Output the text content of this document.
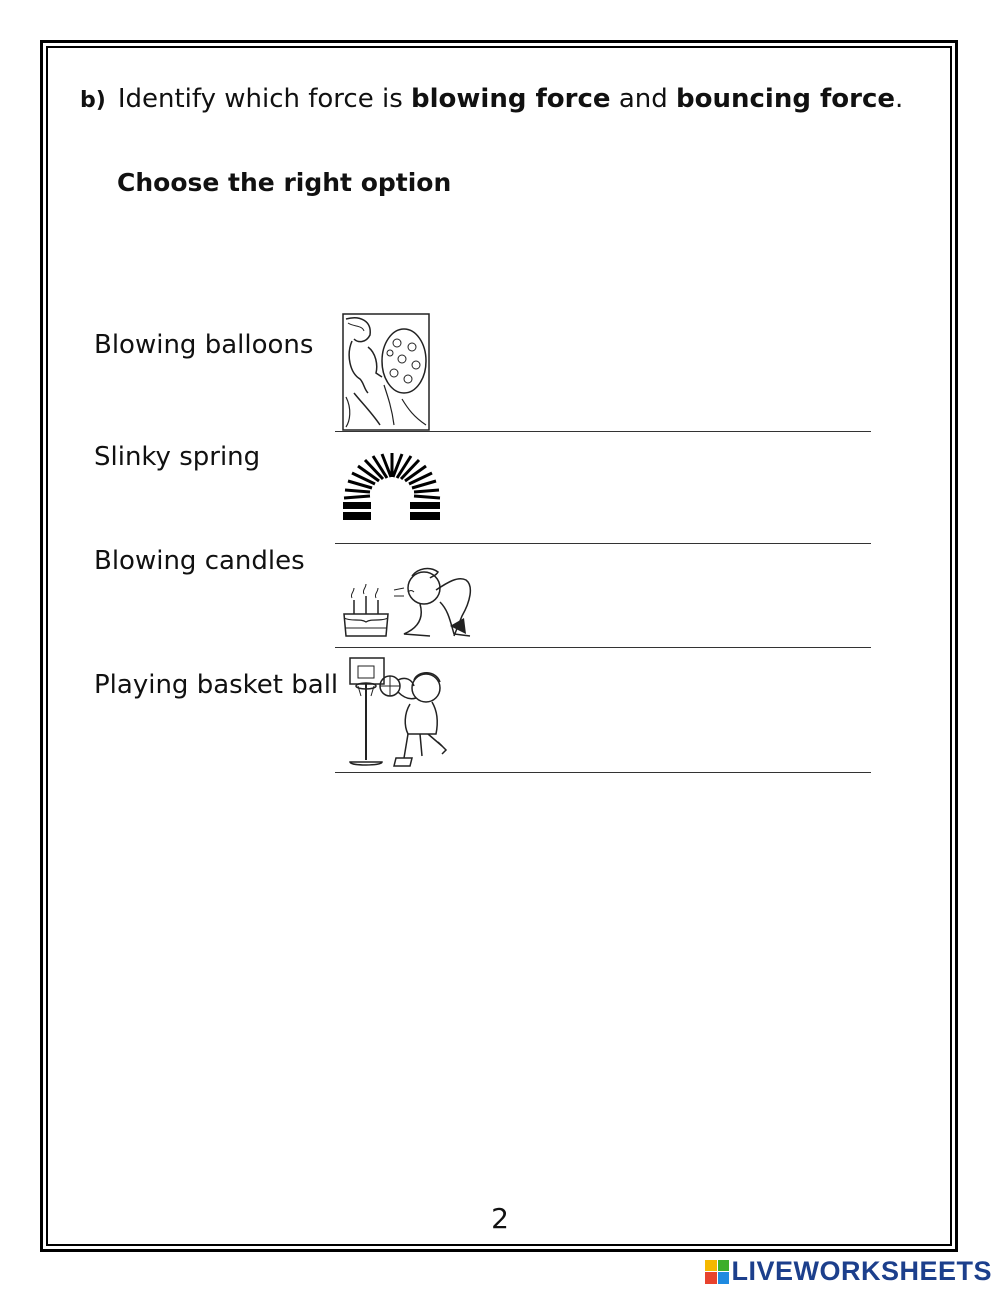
b) Identify which force is blowing force and bouncing force.
Choose the right option
Blowing balloons
Slinky spring
Blowing candles
Playing basket ball
2
LIVEWORKSHEETS
